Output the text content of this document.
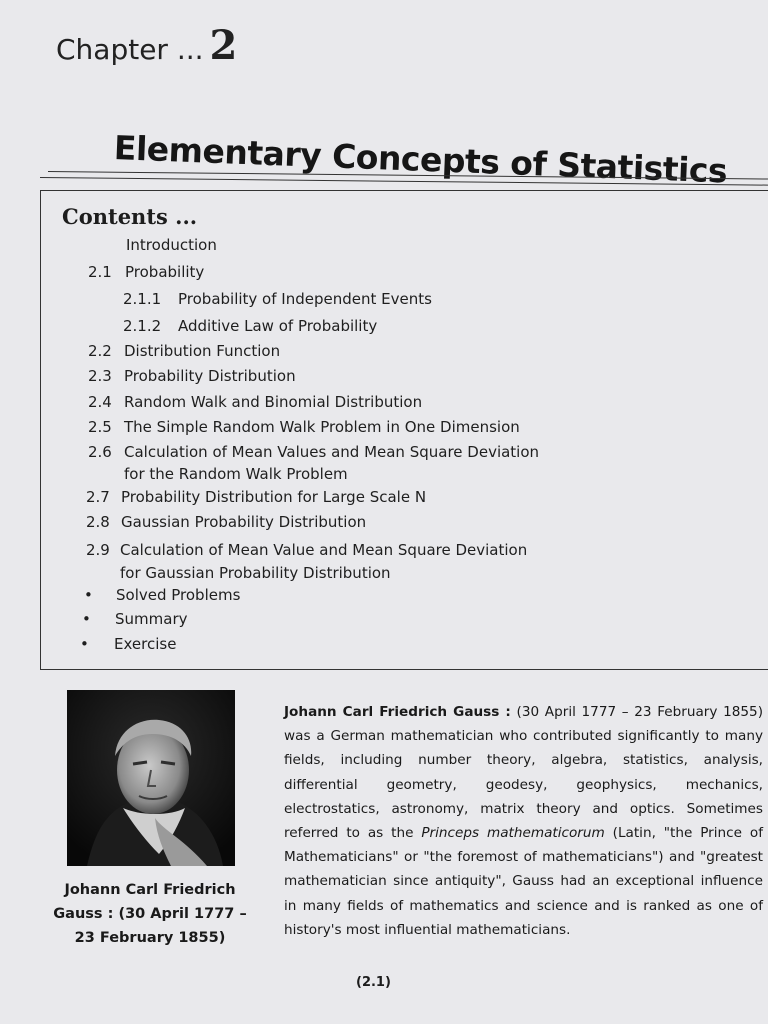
Chapter ... 2
Elementary Concepts of Statistics
Contents ...
Introduction
2.1 Probability
2.1.1 Probability of Independent Events
2.1.2 Additive Law of Probability
2.2 Distribution Function
2.3 Probability Distribution
2.4 Random Walk and Binomial Distribution
2.5 The Simple Random Walk Problem in One Dimension
2.6 Calculation of Mean Values and Mean Square Deviation
for the Random Walk Problem
2.7 Probability Distribution for Large Scale N
2.8 Gaussian Probability Distribution
2.9 Calculation of Mean Value and Mean Square Deviation
for Gaussian Probability Distribution
• Solved Problems
• Summary
• Exercise
Johann Carl Friedrich
Gauss : (30 April 1777 –
23 February 1855)
Johann Carl Friedrich Gauss : (30 April 1777 – 23 February 1855) was a German mathematician who contributed significantly to many fields, including number theory, algebra, statistics, analysis, differential geometry, geodesy, geophysics, mechanics, electrostatics, astronomy, matrix theory and optics. Sometimes referred to as the Princeps mathematicorum (Latin, "the Prince of Mathematicians" or "the foremost of mathematicians") and "greatest mathematician since antiquity", Gauss had an exceptional influence in many fields of mathematics and science and is ranked as one of history's most influential mathematicians.
(2.1)
